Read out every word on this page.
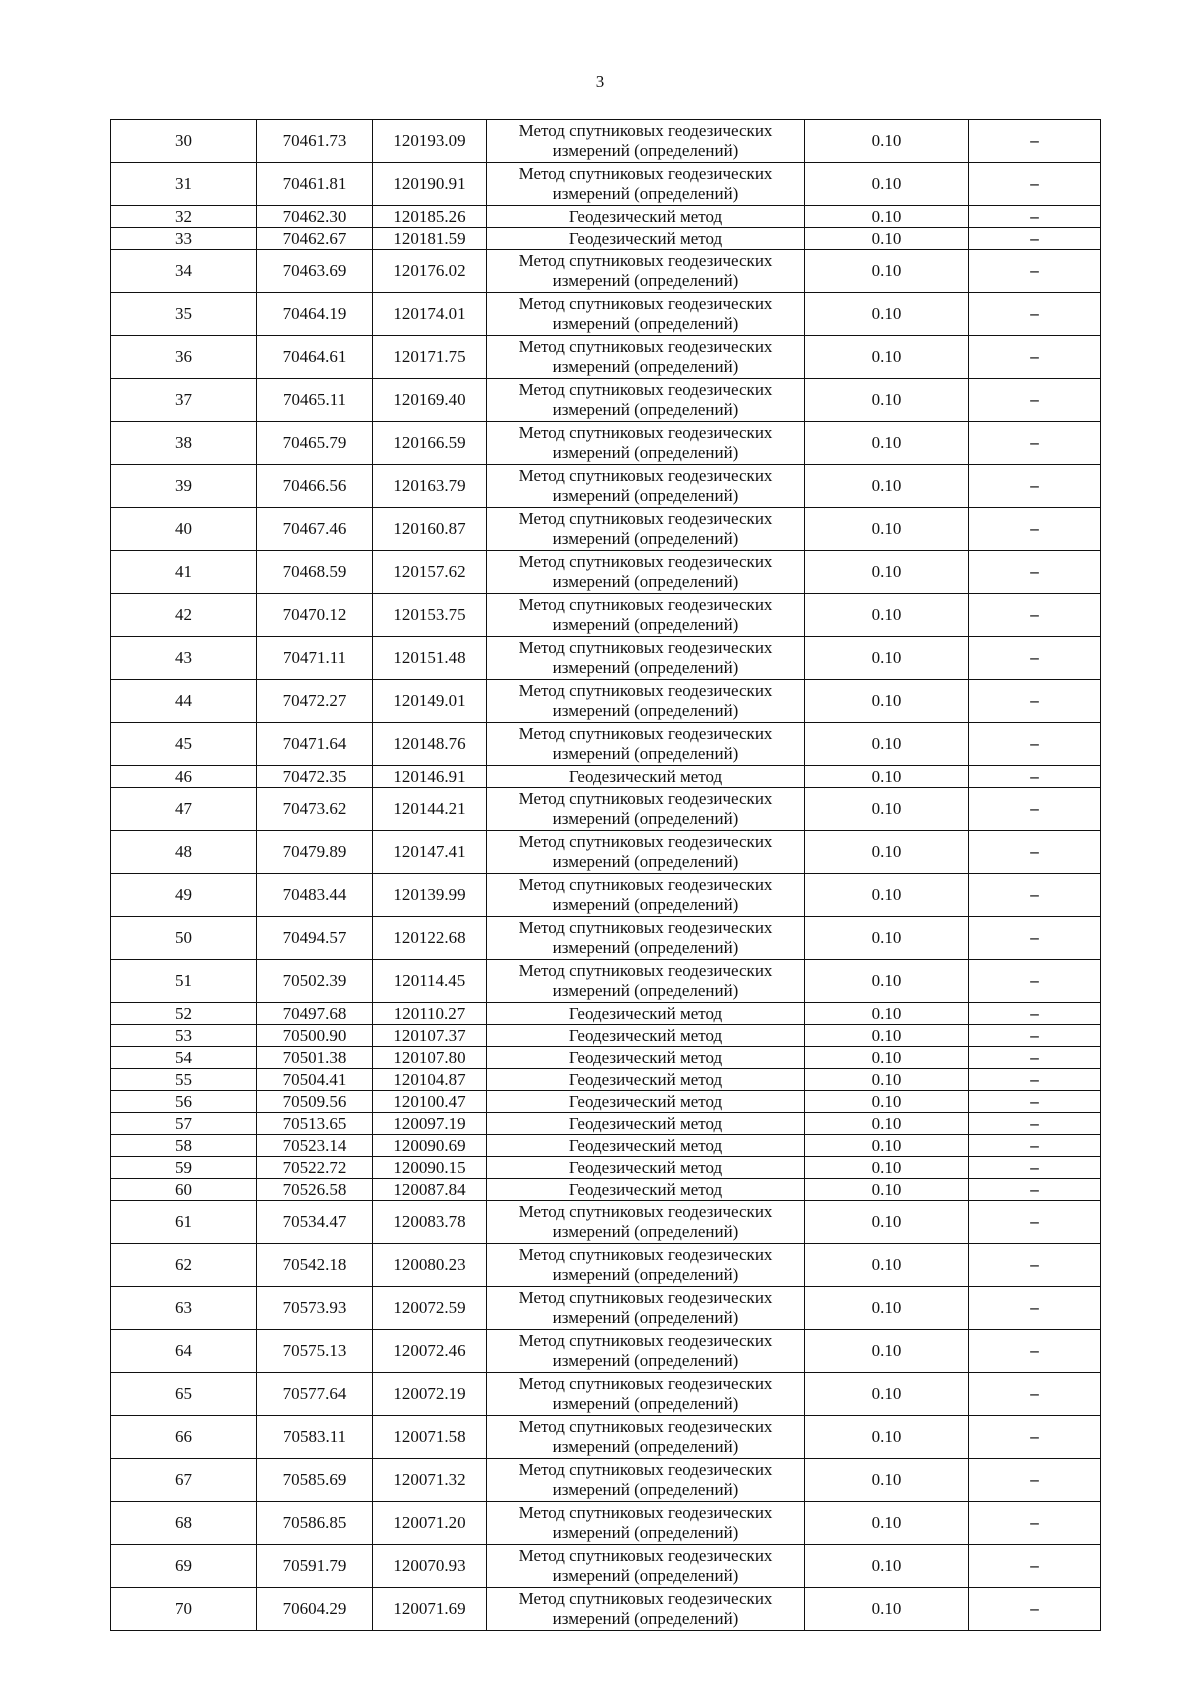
3
30	70461.73	120193.09	Метод спутниковых геодезических измерений (определений)	0.10	–
31	70461.81	120190.91	Метод спутниковых геодезических измерений (определений)	0.10	–
32	70462.30	120185.26	Геодезический метод	0.10	–
33	70462.67	120181.59	Геодезический метод	0.10	–
34	70463.69	120176.02	Метод спутниковых геодезических измерений (определений)	0.10	–
35	70464.19	120174.01	Метод спутниковых геодезических измерений (определений)	0.10	–
36	70464.61	120171.75	Метод спутниковых геодезических измерений (определений)	0.10	–
37	70465.11	120169.40	Метод спутниковых геодезических измерений (определений)	0.10	–
38	70465.79	120166.59	Метод спутниковых геодезических измерений (определений)	0.10	–
39	70466.56	120163.79	Метод спутниковых геодезических измерений (определений)	0.10	–
40	70467.46	120160.87	Метод спутниковых геодезических измерений (определений)	0.10	–
41	70468.59	120157.62	Метод спутниковых геодезических измерений (определений)	0.10	–
42	70470.12	120153.75	Метод спутниковых геодезических измерений (определений)	0.10	–
43	70471.11	120151.48	Метод спутниковых геодезических измерений (определений)	0.10	–
44	70472.27	120149.01	Метод спутниковых геодезических измерений (определений)	0.10	–
45	70471.64	120148.76	Метод спутниковых геодезических измерений (определений)	0.10	–
46	70472.35	120146.91	Геодезический метод	0.10	–
47	70473.62	120144.21	Метод спутниковых геодезических измерений (определений)	0.10	–
48	70479.89	120147.41	Метод спутниковых геодезических измерений (определений)	0.10	–
49	70483.44	120139.99	Метод спутниковых геодезических измерений (определений)	0.10	–
50	70494.57	120122.68	Метод спутниковых геодезических измерений (определений)	0.10	–
51	70502.39	120114.45	Метод спутниковых геодезических измерений (определений)	0.10	–
52	70497.68	120110.27	Геодезический метод	0.10	–
53	70500.90	120107.37	Геодезический метод	0.10	–
54	70501.38	120107.80	Геодезический метод	0.10	–
55	70504.41	120104.87	Геодезический метод	0.10	–
56	70509.56	120100.47	Геодезический метод	0.10	–
57	70513.65	120097.19	Геодезический метод	0.10	–
58	70523.14	120090.69	Геодезический метод	0.10	–
59	70522.72	120090.15	Геодезический метод	0.10	–
60	70526.58	120087.84	Геодезический метод	0.10	–
61	70534.47	120083.78	Метод спутниковых геодезических измерений (определений)	0.10	–
62	70542.18	120080.23	Метод спутниковых геодезических измерений (определений)	0.10	–
63	70573.93	120072.59	Метод спутниковых геодезических измерений (определений)	0.10	–
64	70575.13	120072.46	Метод спутниковых геодезических измерений (определений)	0.10	–
65	70577.64	120072.19	Метод спутниковых геодезических измерений (определений)	0.10	–
66	70583.11	120071.58	Метод спутниковых геодезических измерений (определений)	0.10	–
67	70585.69	120071.32	Метод спутниковых геодезических измерений (определений)	0.10	–
68	70586.85	120071.20	Метод спутниковых геодезических измерений (определений)	0.10	–
69	70591.79	120070.93	Метод спутниковых геодезических измерений (определений)	0.10	–
70	70604.29	120071.69	Метод спутниковых геодезических измерений (определений)	0.10	–
